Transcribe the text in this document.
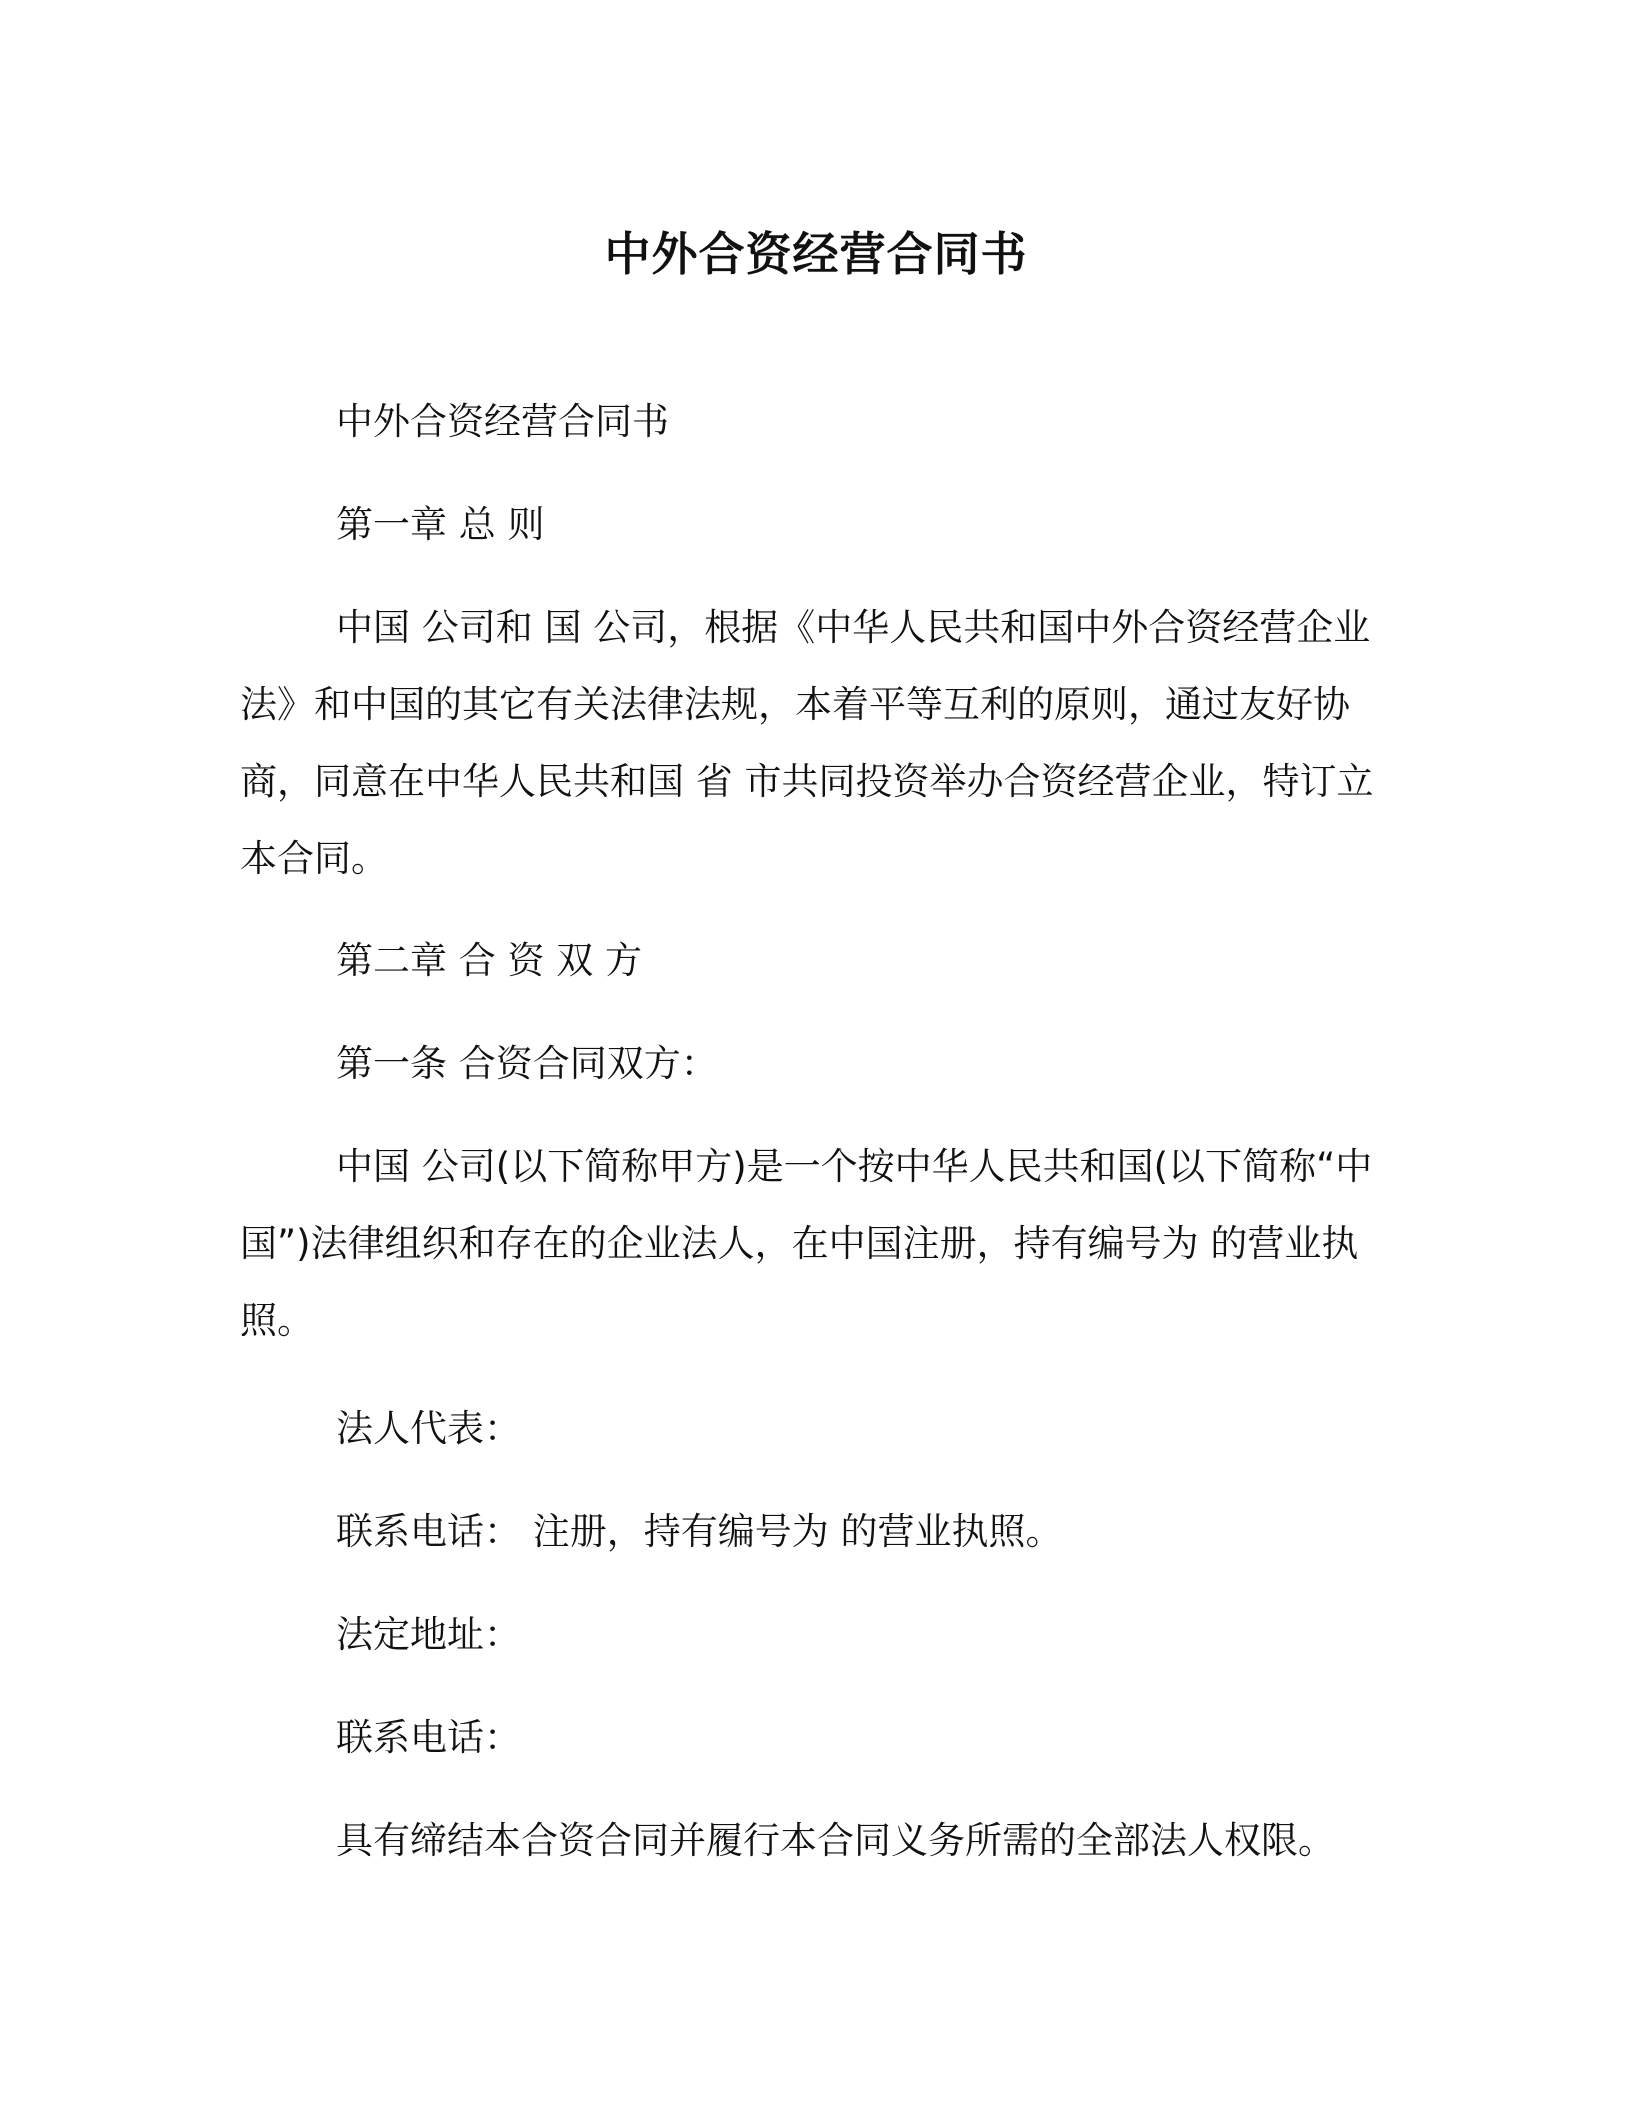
中外合资经营合同书
中外合资经营合同书
第一章 总 则
中国 公司和 国 公司，根据《中华人民共和国中外合资经营企业法》和中国的其它有关法律法规，本着平等互利的原则，通过友好协商，同意在中华人民共和国 省 市共同投资举办合资经营企业，特订立本合同。
第二章 合 资 双 方
第一条 合资合同双方：
中国 公司(以下简称甲方)是一个按中华人民共和国(以下简称“中国”)法律组织和存在的企业法人，在中国注册，持有编号为 的营业执照。
法人代表：
联系电话： 注册，持有编号为 的营业执照。
法定地址：
联系电话：
具有缔结本合资合同并履行本合同义务所需的全部法人权限。
